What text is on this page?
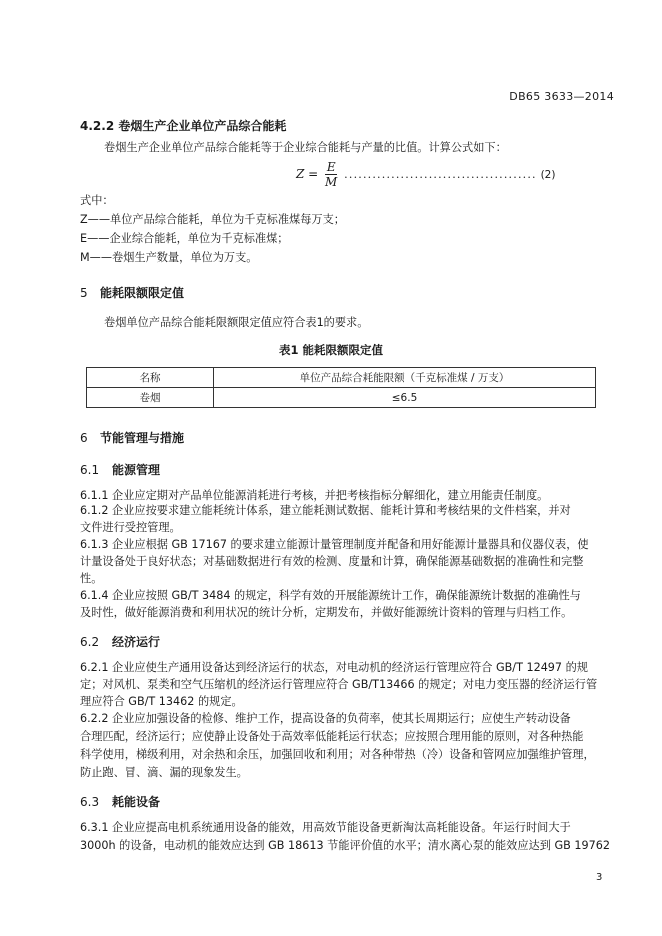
DB65 3633—2014
4.2.2 卷烟生产企业单位产品综合能耗
卷烟生产企业单位产品综合能耗等于企业综合能耗与产量的比值。计算公式如下：
$Z = \frac{E}{M}$ ......................................... (2)
式中：
Z——单位产品综合能耗，单位为千克标准煤每万支；
E——企业综合能耗，单位为千克标准煤；
M——卷烟生产数量，单位为万支。
5 能耗限额限定值
卷烟单位产品综合能耗限额限定值应符合表1的要求。
表1 能耗限额限定值
名称	单位产品综合耗能限额（千克标准煤 / 万支）
卷烟	≤6.5
6 节能管理与措施
6.1 能源管理
6.1.1 企业应定期对产品单位能源消耗进行考核，并把考核指标分解细化，建立用能责任制度。
6.1.2 企业应按要求建立能耗统计体系，建立能耗测试数据、能耗计算和考核结果的文件档案，并对
文件进行受控管理。
6.1.3 企业应根据 GB 17167 的要求建立能源计量管理制度并配备和用好能源计量器具和仪器仪表，使
计量设备处于良好状态；对基础数据进行有效的检测、度量和计算，确保能源基础数据的准确性和完整
性。
6.1.4 企业应按照 GB/T 3484 的规定，科学有效的开展能源统计工作，确保能源统计数据的准确性与
及时性，做好能源消费和利用状况的统计分析，定期发布，并做好能源统计资料的管理与归档工作。
6.2 经济运行
6.2.1 企业应使生产通用设备达到经济运行的状态，对电动机的经济运行管理应符合 GB/T 12497 的规
定；对风机、泵类和空气压缩机的经济运行管理应符合 GB/T13466 的规定；对电力变压器的经济运行管
理应符合 GB/T 13462 的规定。
6.2.2 企业应加强设备的检修、维护工作，提高设备的负荷率，使其长周期运行；应使生产转动设备
合理匹配，经济运行；应使静止设备处于高效率低能耗运行状态；应按照合理用能的原则，对各种热能
科学使用，梯级利用，对余热和余压，加强回收和利用；对各种带热（冷）设备和管网应加强维护管理，
防止跑、冒、滴、漏的现象发生。
6.3 耗能设备
6.3.1 企业应提高电机系统通用设备的能效，用高效节能设备更新淘汰高耗能设备。年运行时间大于
3000h 的设备，电动机的能效应达到 GB 18613 节能评价值的水平；清水离心泵的能效应达到 GB 19762
3
